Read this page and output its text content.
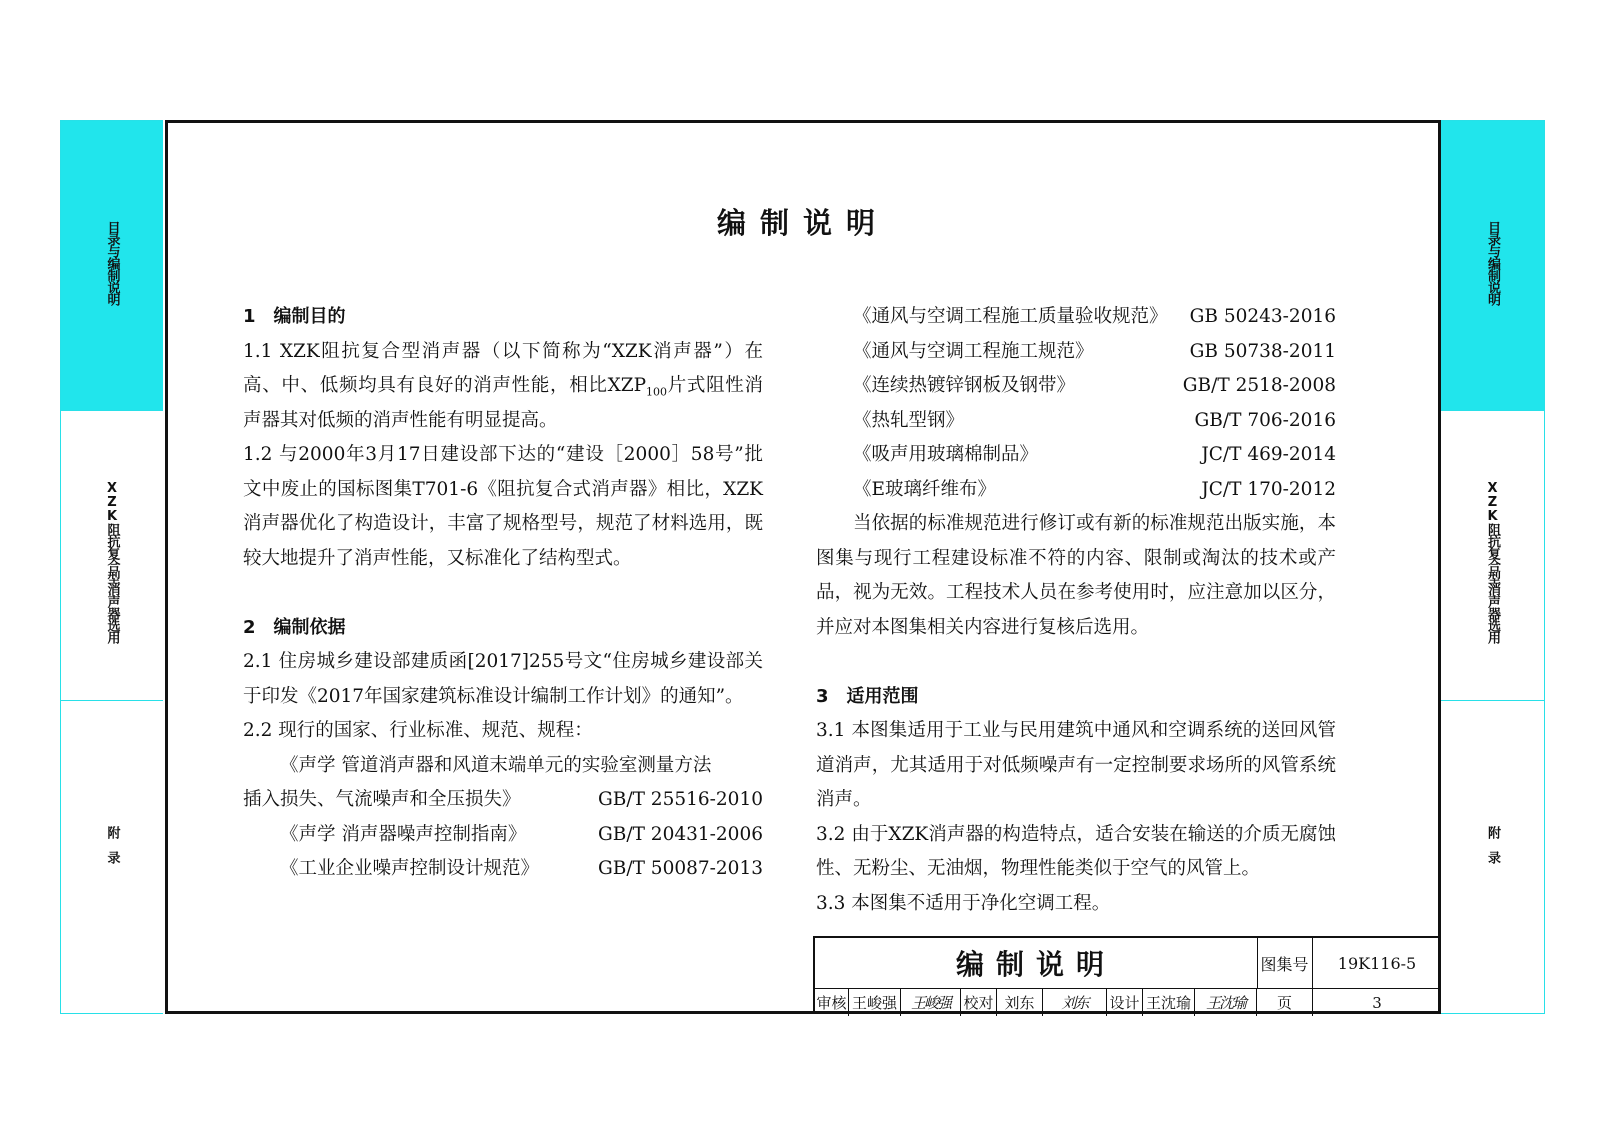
目录与编制说明
XZK阻抗复合型消声器选用
附录
目录与编制说明
XZK阻抗复合型消声器选用
附录
编制说明

1　编制目的

1.1 XZK阻抗复合型消声器（以下简称为“XZK消声器”）在高、中、低频均具有良好的消声性能，相比$XZP_{100}$片式阻性消声器其对低频的消声性能有明显提高。

1.2 与2000年3月17日建设部下达的“建设［2000］58号”批文中废止的国标图集T701-6《阻抗复合式消声器》相比，XZK消声器优化了构造设计，丰富了规格型号，规范了材料选用，既较大地提升了消声性能，又标准化了结构型式。

2　编制依据

2.1 住房城乡建设部建质函[2017]255号文“住房城乡建设部关于印发《2017年国家建筑标准设计编制工作计划》的通知”。

2.2 现行的国家、行业标准、规范、规程：

《声学 管道消声器和风道末端单元的实验室测量方法

插入损失、气流噪声和全压损失》	GB/T 25516-2010

《声学 消声器噪声控制指南》	GB/T 20431-2006

《工业企业噪声控制设计规范》	GB/T 50087-2013

《通风与空调工程施工质量验收规范》 GB 50243-2016

《通风与空调工程施工规范》	GB 50738-2011

《连续热镀锌钢板及钢带》	GB/T 2518-2008

《热轧型钢》	GB/T 706-2016

《吸声用玻璃棉制品》	JC/T 469-2014

《E玻璃纤维布》	JC/T 170-2012

当依据的标准规范进行修订或有新的标准规范出版实施，本图集与现行工程建设标准不符的内容、限制或淘汰的技术或产品，视为无效。工程技术人员在参考使用时，应注意加以区分，并应对本图集相关内容进行复核后选用。

3　适用范围

3.1 本图集适用于工业与民用建筑中通风和空调系统的送回风管道消声，尤其适用于对低频噪声有一定控制要求场所的风管系统消声。

3.2 由于XZK消声器的构造特点，适合安装在输送的介质无腐蚀性、无粉尘、无油烟，物理性能类似于空气的风管上。

3.3 本图集不适用于净化空调工程。

编制说明	图集号	19K116-5
审核 王峻强 王峻强 校对 刘东	刘东	设计 王沈瑜 王沈瑜	页	3
